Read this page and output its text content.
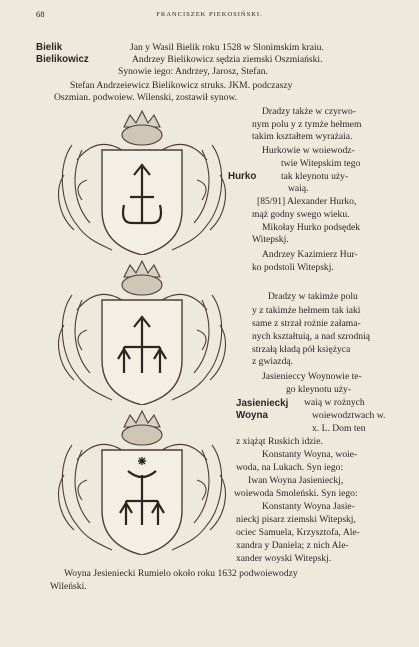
68	FRANCISZEK PIEKOSIŃSKI.
Bielik
Bielikowicz
Hurko
Jasienieckj
Woyna
Jan y Wasil Bielik roku 1528 w Slonimskim kraiu.
Andrzey Bielikowicz sędzia ziemski Oszmiański.
Synowie iego: Andrzey, Jarosz, Stefan.
Stefan Andrzeiewicz Bielikowicz struks. JKM. podczaszy
Oszmian. podwoiew. Wilenski, zostawił synow.
Dradzy także w czyrwo-
nym polu y z tymże hełmem
takim kształtem wyrażaia.
Hurkowie w woiewodz-
twie Witepskim tego
tak kleynotu uży-
waią.
[85/91] Alexander Hurko,
mąż godny swego wieku.
Mikołay Hurko podsędek
Witepskj.
Andrzey Kazimierz Hur-
ko podstoli Witepskj.
Dradzy w takimże polu
y z takimże hełmem tak iaki
same z strzał rożnie załama-
nych kształtuią, a nad szrodnią
strzałą kładą pół księżyca
z gwiazdą.
Jasienieccy Woynowie te-
go kleynotu uży-
waią w rożnych
woiewodztwach w.
x. L. Dom ten
z xiążąt Ruskich idzie.
Konstanty Woyna, woie-
woda, na Lukach. Syn iego:
Iwan Woyna Jasienieckj,
woiewoda Smoleński. Syn iego:
Konstanty Woyna Jasie-
nieckj pisarz ziemski Witepskj,
ociec Samuela, Krzysztofa, Ale-
xandra y Daniela; z nich Ale-
xander woyski Witepskj.
Woyna Jesieniecki Rumielo około roku 1632 podwoiewodzy
Wileński.
